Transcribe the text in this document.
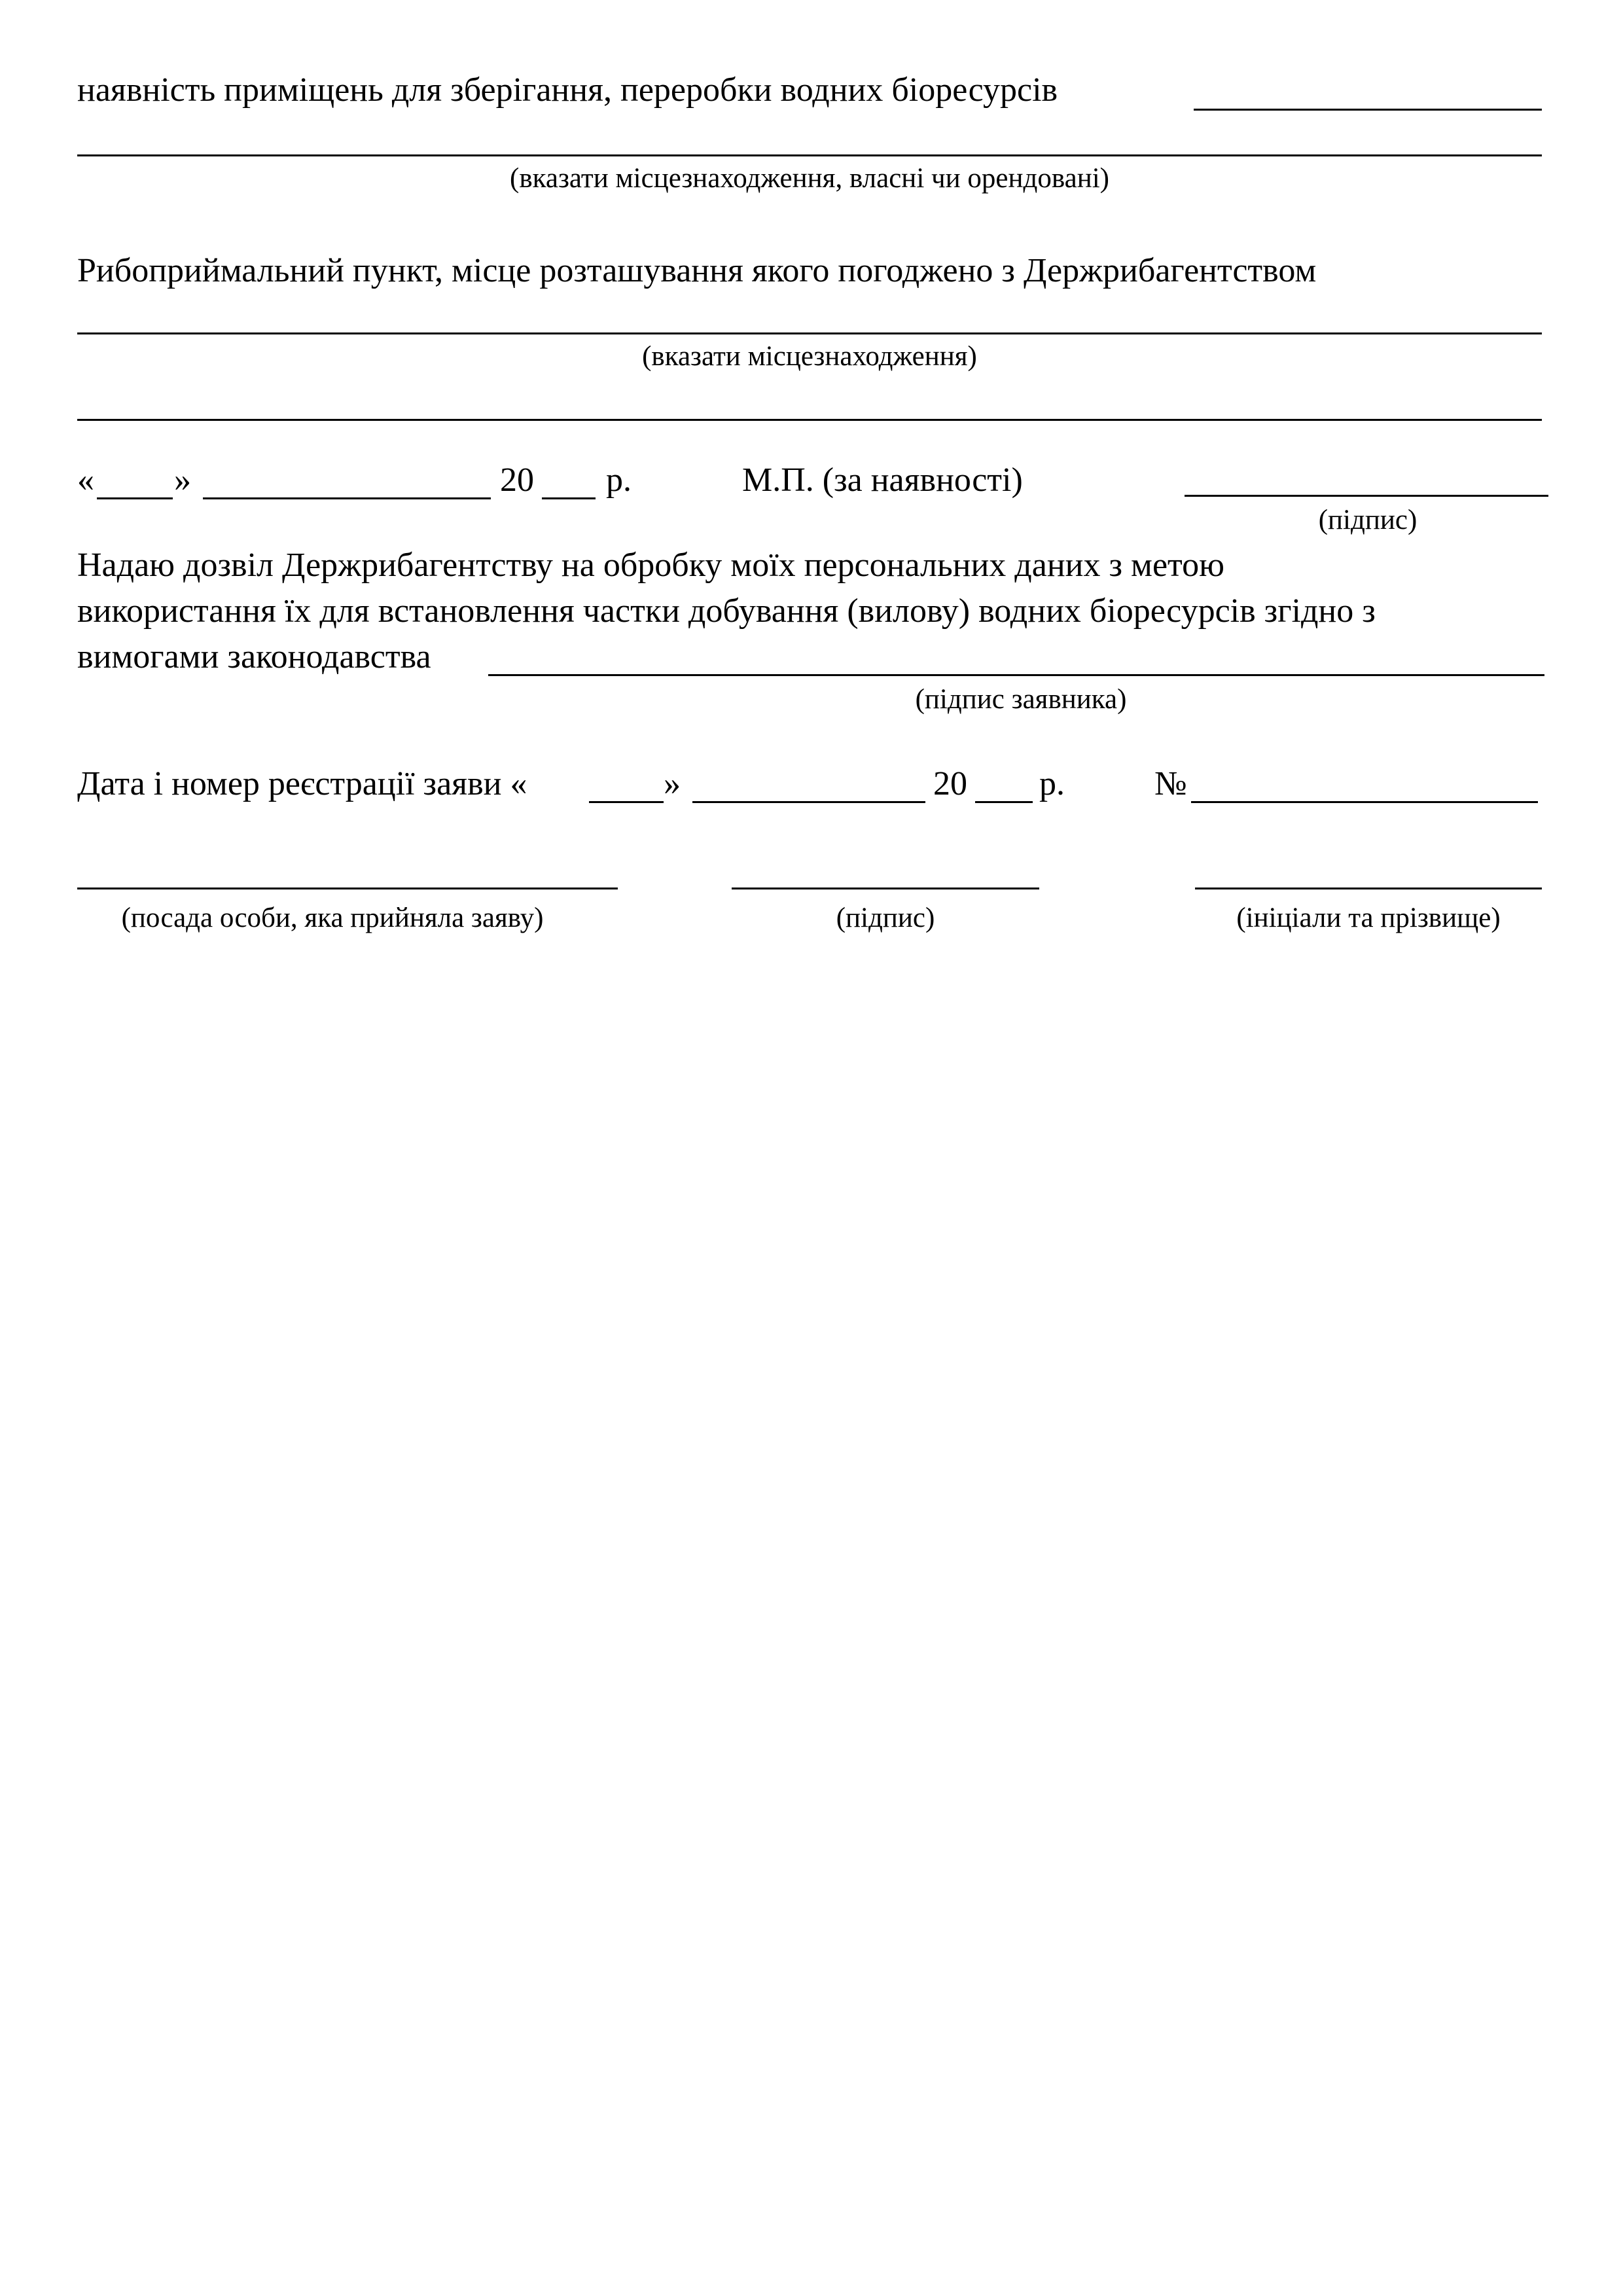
наявність приміщень для зберігання, переробки водних біоресурсів
(вказати місцезнаходження, власні чи орендовані)
Рибоприймальний пункт, місце розташування якого погоджено з Держрибагентством
(вказати місцезнаходження)
« »	20 р.	М.П. (за наявності)
(підпис)
Надаю дозвіл Держрибагентству на обробку моїх персональних даних з метою
використання їх для встановлення частки добування (вилову) водних біоресурсів згідно з
вимогами законодавства
(підпис заявника)
Дата і номер реєстрації заяви «	»	20 р.	№
(посада особи, яка прийняла заяву)	(підпис)	(ініціали та прізвище)
